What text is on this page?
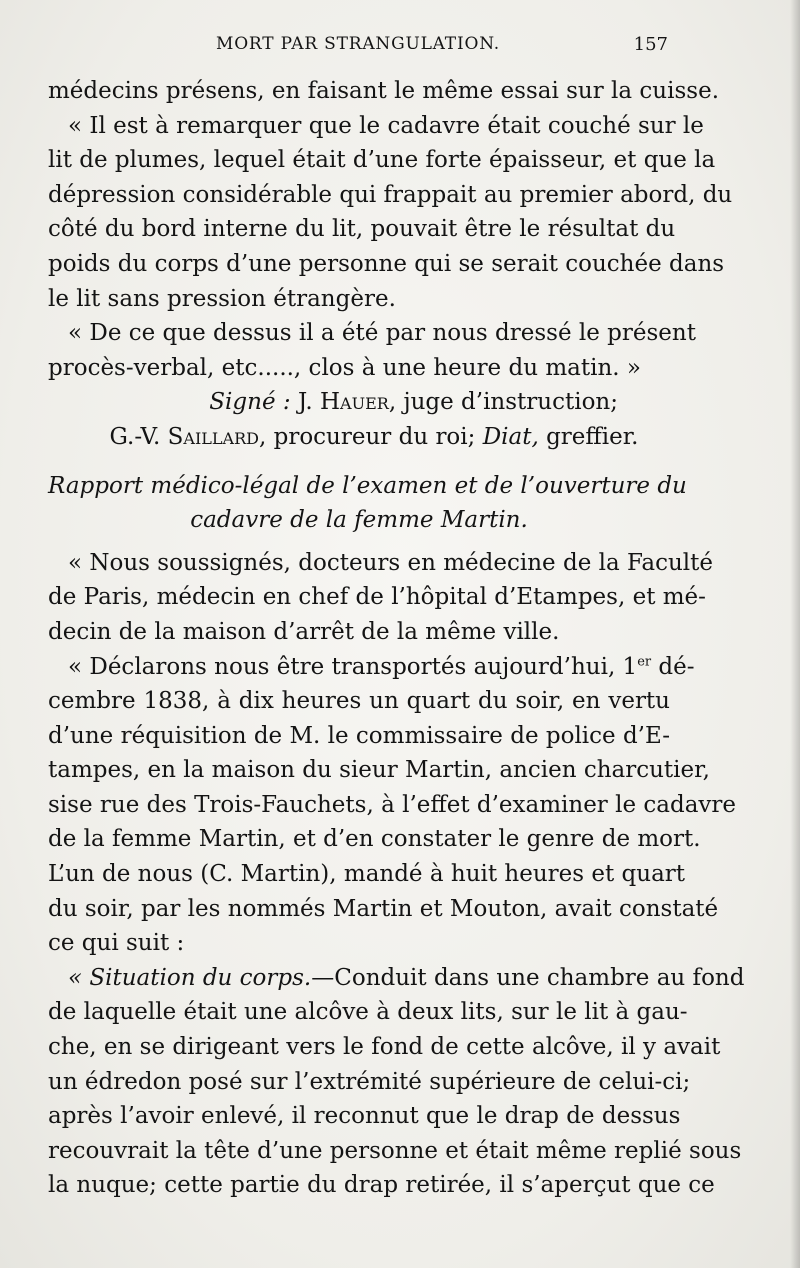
MORT PAR STRANGULATION.	157
médecins présens, en faisant le même essai sur la cuisse.
« Il est à remarquer que le cadavre était couché sur le
lit de plumes, lequel était d’une forte épaisseur, et que la
dépression considérable qui frappait au premier abord, du
côté du bord interne du lit, pouvait être le résultat du
poids du corps d’une personne qui se serait couchée dans
le lit sans pression étrangère.
« De ce que dessus il a été par nous dressé le présent
procès-verbal, etc....., clos à une heure du matin. »
Signé : J. Hauer, juge d’instruction;
G.-V. Saillard, procureur du roi; Diat, greffier.
Rapport médico-légal de l’examen et de l’ouverture du
cadavre de la femme Martin.
« Nous soussignés, docteurs en médecine de la Faculté
de Paris, médecin en chef de l’hôpital d’Etampes, et mé-
decin de la maison d’arrêt de la même ville.
« Déclarons nous être transportés aujourd’hui, 1er dé-
cembre 1838, à dix heures un quart du soir, en vertu
d’une réquisition de M. le commissaire de police d’E-
tampes, en la maison du sieur Martin, ancien charcutier,
sise rue des Trois-Fauchets, à l’effet d’examiner le cadavre
de la femme Martin, et d’en constater le genre de mort.
L’un de nous (C. Martin), mandé à huit heures et quart
du soir, par les nommés Martin et Mouton, avait constaté
ce qui suit :
« Situation du corps.—Conduit dans une chambre au fond
de laquelle était une alcôve à deux lits, sur le lit à gau-
che, en se dirigeant vers le fond de cette alcôve, il y avait
un édredon posé sur l’extrémité supérieure de celui-ci;
après l’avoir enlevé, il reconnut que le drap de dessus
recouvrait la tête d’une personne et était même replié sous
la nuque; cette partie du drap retirée, il s’aperçut que ce
